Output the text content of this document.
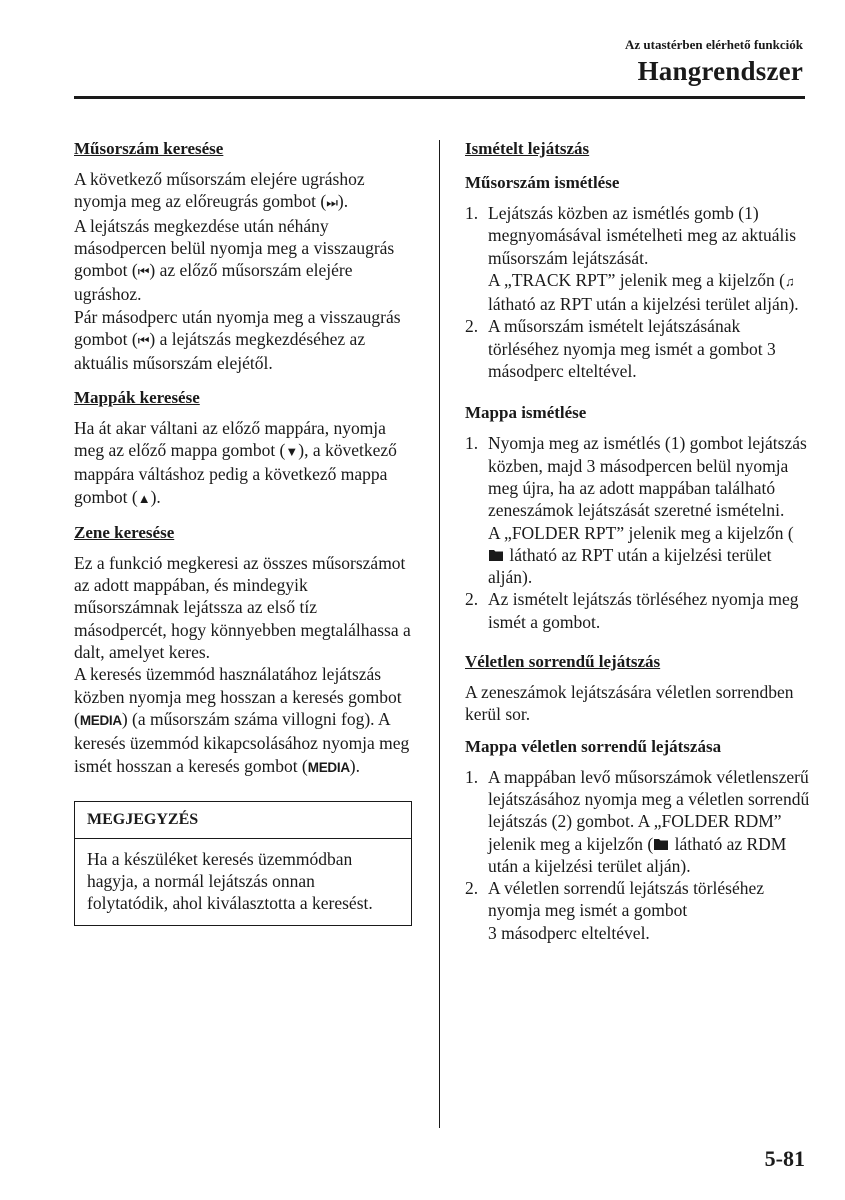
Az utastérben elérhető funkciók
Hangrendszer
Műsorszám keresése

A következő műsorszám elejére ugráshoz nyomja meg az előreugrás gombot (⏭).
A lejátszás megkezdése után néhány másodpercen belül nyomja meg a visszaugrás gombot (⏮) az előző műsorszám elejére ugráshoz.
Pár másodperc után nyomja meg a visszaugrás gombot (⏮) a lejátszás megkezdéséhez az aktuális műsorszám elejétől.

Mappák keresése

Ha át akar váltani az előző mappára, nyomja meg az előző mappa gombot (▼), a következő mappára váltáshoz pedig a következő mappa gombot (▲).

Zene keresése

Ez a funkció megkeresi az összes műsorszámot az adott mappában, és mindegyik műsorszámnak lejátssza az első tíz másodpercét, hogy könnyebben megtalálhassa a dalt, amelyet keres.
A keresés üzemmód használatához lejátszás közben nyomja meg hosszan a keresés gombot (MEDIA) (a műsorszám száma villogni fog). A keresés üzemmód kikapcsolásához nyomja meg ismét hosszan a keresés gombot (MEDIA).

MEGJEGYZÉS
Ha a készüléket keresés üzemmódban hagyja, a normál lejátszás onnan folytatódik, ahol kiválasztotta a keresést.
Ismételt lejátszás
Műsorszám ismétlése
1. Lejátszás közben az ismétlés gomb (1) megnyomásával ismételheti meg az aktuális műsorszám lejátszását.
A „TRACK RPT” jelenik meg a kijelzőn (♫ látható az RPT után a kijelzési terület alján).
2. A műsorszám ismételt lejátszásának törléséhez nyomja meg ismét a gombot 3 másodperc elteltével.
Mappa ismétlése
1. Nyomja meg az ismétlés (1) gombot lejátszás közben, majd 3 másodpercen belül nyomja meg újra, ha az adott mappában található zeneszámok lejátszását szeretné ismételni.
A „FOLDER RPT” jelenik meg a kijelzőn ( látható az RPT után a kijelzési terület alján).
2. Az ismételt lejátszás törléséhez nyomja meg ismét a gombot.
Véletlen sorrendű lejátszás

A zeneszámok lejátszására véletlen sorrendben kerül sor.

Mappa véletlen sorrendű lejátszása
1. A mappában levő műsorszámok véletlenszerű lejátszásához nyomja meg a véletlen sorrendű lejátszás (2) gombot. A „FOLDER RDM” jelenik meg a kijelzőn ( látható az RDM után a kijelzési terület alján).
2. A véletlen sorrendű lejátszás törléséhez nyomja meg ismét a gombot
3 másodperc elteltével.
5-81
